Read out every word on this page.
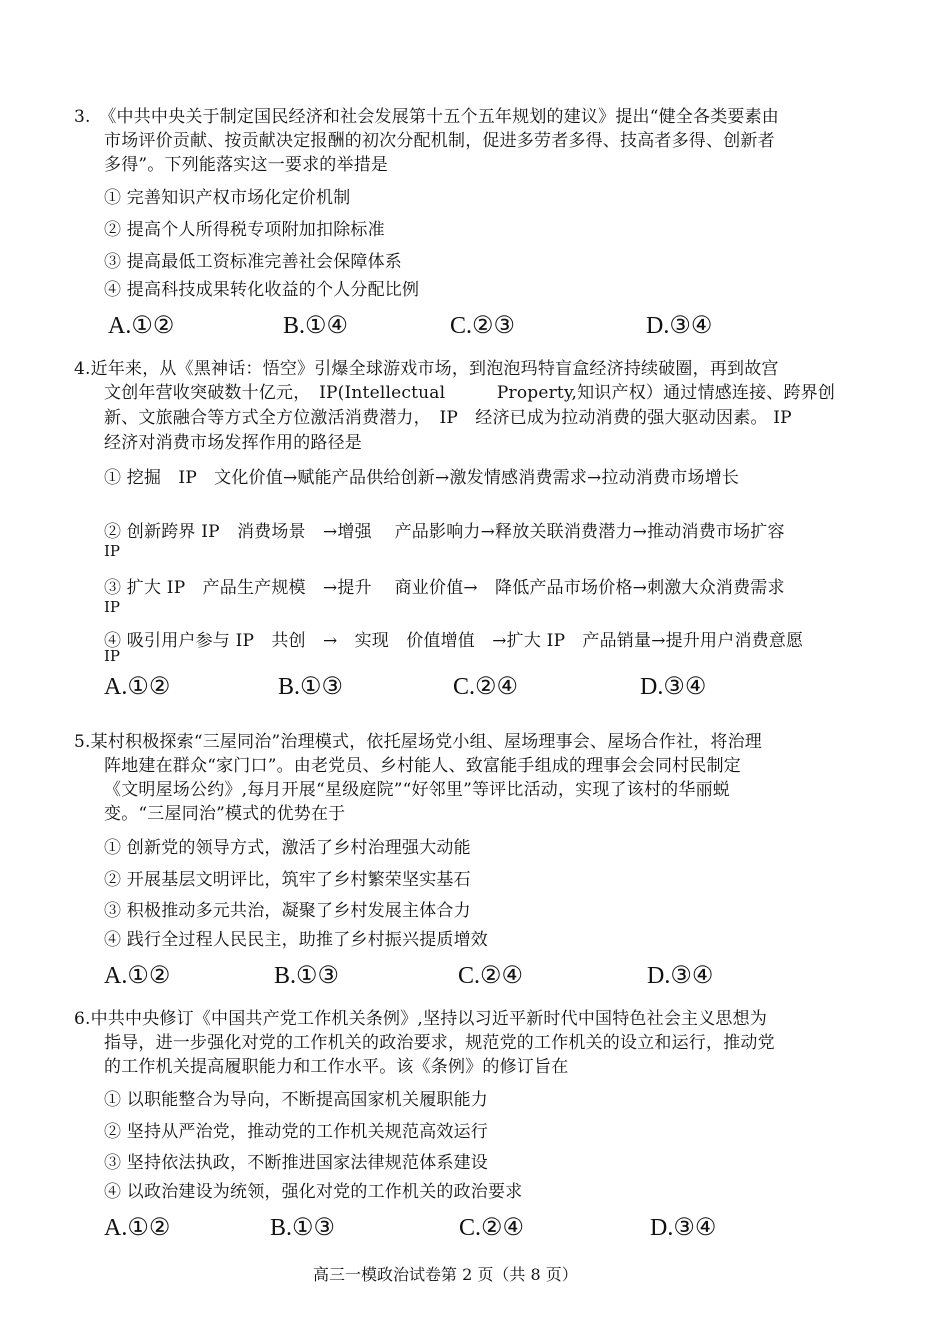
3.　《中共中央关于制定国民经济和社会发展第十五个五年规划的建议》提出“健全各类要素由
市场评价贡献、按贡献决定报酬的初次分配机制，促进多劳者多得、技高者多得、创新者
多得”。下列能落实这一要求的举措是
① 完善知识产权市场化定价机制
② 提高个人所得税专项附加扣除标准
③ 提高最低工资标准完善社会保障体系
④ 提高科技成果转化收益的个人分配比例
A.①②	B.①④	C.②③	D.③④
4.近年来，从《黑神话：悟空》引爆全球游戏市场，到泡泡玛特盲盒经济持续破圈，再到故宫
文创年营收突破数十亿元，　IP(Intellectual　　　Property,知识产权）通过情感连接、跨界创
新、文旅融合等方式全方位激活消费潜力，　IP　经济已成为拉动消费的强大驱动因素。 IP
经济对消费市场发挥作用的路径是
① 挖掘　IP　文化价值→赋能产品供给创新→激发情感消费需求→拉动消费市场增长
② 创新跨界 IP　消费场景　→增强　 产品影响力→释放关联消费潜力→推动消费市场扩容
IP
③ 扩大 IP　产品生产规模　→提升　 商业价值→　降低产品市场价格→刺激大众消费需求
IP
④ 吸引用户参与 IP　共创　→　实现　价值增值　→扩大 IP　产品销量→提升用户消费意愿
IP
A.①②	B.①③	C.②④	D.③④
5.某村积极探索“三屋同治”治理模式，依托屋场党小组、屋场理事会、屋场合作社，将治理
阵地建在群众“家门口”。由老党员、乡村能人、致富能手组成的理事会会同村民制定
《文明屋场公约》,每月开展“星级庭院”“好邻里”等评比活动，实现了该村的华丽蜕
变。“三屋同治”模式的优势在于
① 创新党的领导方式，激活了乡村治理强大动能
② 开展基层文明评比，筑牢了乡村繁荣坚实基石
③ 积极推动多元共治，凝聚了乡村发展主体合力
④ 践行全过程人民民主，助推了乡村振兴提质增效
A.①②	B.①③	C.②④	D.③④
6.中共中央修订《中国共产党工作机关条例》,坚持以习近平新时代中国特色社会主义思想为
指导，进一步强化对党的工作机关的政治要求，规范党的工作机关的设立和运行，推动党
的工作机关提高履职能力和工作水平。该《条例》的修订旨在
① 以职能整合为导向，不断提高国家机关履职能力
② 坚持从严治党，推动党的工作机关规范高效运行
③ 坚持依法执政，不断推进国家法律规范体系建设
④ 以政治建设为统领，强化对党的工作机关的政治要求
A.①②	B.①③	C.②④	D.③④
高三一模政治试卷第 2 页（共 8 页）
